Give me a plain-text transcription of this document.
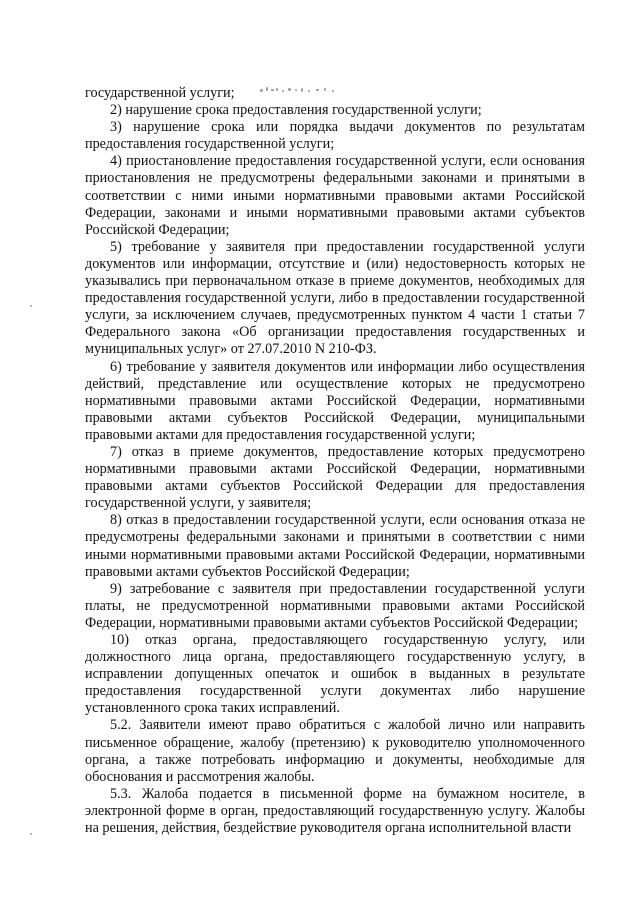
государственной услуги;

2) нарушение срока предоставления государственной услуги;

3) нарушение срока или порядка выдачи документов по результатам предоставления государственной услуги;

4) приостановление предоставления государственной услуги, если основания приостановления не предусмотрены федеральными законами и принятыми в соответствии с ними иными нормативными правовыми актами Российской Федерации, законами и иными нормативными правовыми актами субъектов Российской Федерации;

5) требование у заявителя при предоставлении государственной услуги документов или информации, отсутствие и (или) недостоверность которых не указывались при первоначальном отказе в приеме документов, необходимых для предоставления государственной услуги, либо в предоставлении государственной услуги, за исключением случаев, предусмотренных пунктом 4 части 1 статьи 7 Федерального закона «Об организации предоставления государственных и муниципальных услуг» от 27.07.2010 N 210-ФЗ.

6) требование у заявителя документов или информации либо осуществления действий, представление или осуществление которых не предусмотрено нормативными правовыми актами Российской Федерации, нормативными правовыми актами субъектов Российской Федерации, муниципальными правовыми актами для предоставления государственной услуги;

7) отказ в приеме документов, предоставление которых предусмотрено нормативными правовыми актами Российской Федерации, нормативными правовыми актами субъектов Российской Федерации для предоставления государственной услуги, у заявителя;

8) отказ в предоставлении государственной услуги, если основания отказа не предусмотрены федеральными законами и принятыми в соответствии с ними иными нормативными правовыми актами Российской Федерации, нормативными правовыми актами субъектов Российской Федерации;

9) затребование с заявителя при предоставлении государственной услуги платы, не предусмотренной нормативными правовыми актами Российской Федерации, нормативными правовыми актами субъектов Российской Федерации;

10) отказ органа, предоставляющего государственную услугу, или должностного лица органа, предоставляющего государственную услугу, в исправлении допущенных опечаток и ошибок в выданных в результате предоставления государственной услуги документах либо нарушение установленного срока таких исправлений.

5.2. Заявители имеют право обратиться с жалобой лично или направить письменное обращение, жалобу (претензию) к руководителю уполномоченного органа, а также потребовать информацию и документы, необходимые для обоснования и рассмотрения жалобы.

5.3. Жалоба подается в письменной форме на бумажном носителе, в электронной форме в орган, предоставляющий государственную услугу. Жалобы на решения, действия, бездействие руководителя органа исполнительной власти
